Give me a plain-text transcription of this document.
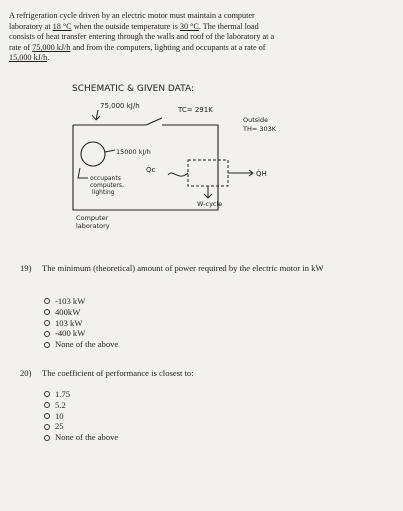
A refrigeration cycle driven by an electric motor must maintain a computer
laboratory at 18 °C when the outside temperature is 30 °C. The thermal load
consists of heat transfer entering through the walls and roof of the laboratory at a
rate of 75,000 kJ/h and from the computers, lighting and occupants at a rate of
15,000 kJ/h.
SCHEMATIC & GIVEN DATA:
75,000 kJ/h	TC= 291K
15000 kJ/h
Q̇c
W-cycle
Q̇H
Outside
TH= 303K
occupants
computers,
lighting
Computer
laboratory
19) The minimum (theoretical) amount of power required by the electric motor in kW
-103 kW
400kW
103 kW
-400 kW
None of the above
20) The coefficient of performance is closest to:
1.75
5.2
10
25
None of the above
